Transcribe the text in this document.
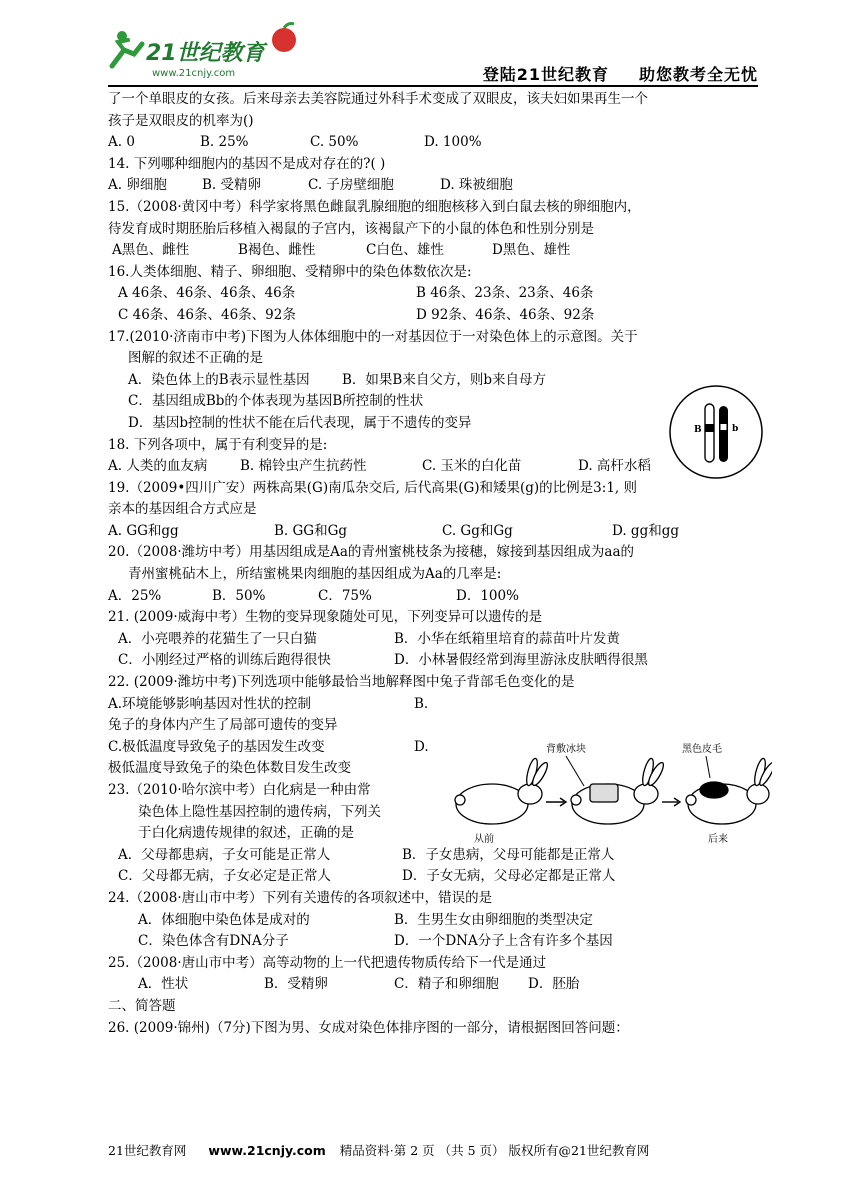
21世纪教育
www.21cnjy.com	登陆21世纪教育 助您教考全无忧
了一个单眼皮的女孩。后来母亲去美容院通过外科手术变成了双眼皮，该夫妇如果再生一个
孩子是双眼皮的机率为()
A. 0	B. 25%	C. 50%	D. 100%
14. 下列哪种细胞内的基因不是成对存在的?( )
A. 卵细胞	B. 受精卵	C. 子房壁细胞	D. 珠被细胞
15.（2008·黄冈中考）科学家将黑色雌鼠乳腺细胞的细胞核移入到白鼠去核的卵细胞内，
待发育成时期胚胎后移植入褐鼠的子宫内，该褐鼠产下的小鼠的体色和性别分别是
A黑色、雌性	B褐色、雌性	C白色、雄性	D黑色、雄性
16.人类体细胞、精子、卵细胞、受精卵中的染色体数依次是:
A 46条、46条、46条、46条	B 46条、23条、23条、46条
C 46条、46条、46条、92条	D 92条、46条、46条、92条
17.(2010·济南市中考)下图为人体体细胞中的一对基因位于一对染色体上的示意图。关于
图解的叙述不正确的是
A．染色体上的B表示显性基因	B．如果B来自父方，则b来自母方
C．基因组成Bb的个体表现为基因B所控制的性状
D．基因b控制的性状不能在后代表现，属于不遗传的变异
18. 下列各项中，属于有利变异的是:
A. 人类的血友病	B. 棉铃虫产生抗药性	C. 玉米的白化苗	D. 高杆水稻
19.（2009•四川广安）两株高果(G)南瓜杂交后, 后代高果(G)和矮果(g)的比例是3:1, 则
亲本的基因组合方式应是
A. GG和gg	B. GG和Gg	C. Gg和Gg	D. gg和gg
20.（2008·潍坊中考）用基因组成是Aa的青州蜜桃枝条为接穗，嫁接到基因组成为aa的
青州蜜桃砧木上，所结蜜桃果肉细胞的基因组成为Aa的几率是:
A．25%	B．50%	C．75%	D．100%
21. (2009·威海中考）生物的变异现象随处可见，下列变异可以遗传的是
A．小亮喂养的花猫生了一只白猫	B．小华在纸箱里培育的蒜苗叶片发黄
C．小刚经过严格的训练后跑得很快	D．小林暑假经常到海里游泳皮肤晒得很黑
22. (2009·潍坊中考)下列选项中能够最恰当地解释图中兔子背部毛色变化的是
A.环境能够影响基因对性状的控制	B.
兔子的身体内产生了局部可遗传的变异
C.极低温度导致兔子的基因发生改变	D.
极低温度导致兔子的染色体数目发生改变
23.（2010·哈尔滨中考）白化病是一种由常
染色体上隐性基因控制的遗传病，下列关
于白化病遗传规律的叙述，正确的是
A．父母都患病，子女可能是正常人	B．子女患病，父母可能都是正常人
C．父母都无病，子女必定是正常人	D．子女无病，父母必定都是正常人
24.（2008·唐山市中考）下列有关遗传的各项叙述中，错误的是
A．体细胞中染色体是成对的	B．生男生女由卵细胞的类型决定
C．染色体含有DNA分子	D．一个DNA分子上含有许多个基因
25.（2008·唐山市中考）高等动物的上一代把遗传物质传给下一代是通过
A．性状	B．受精卵	C．精子和卵细胞	D．胚胎
二、简答题
26. (2009·锦州)（7分)下图为男、女成对染色体排序图的一部分，请根据图回答问题：
B	b
背敷冰块	黑色皮毛
从前	后来
21世纪教育网 www.21cnjy.com 精品资料·第 2 页 （共 5 页） 版权所有@21世纪教育网
